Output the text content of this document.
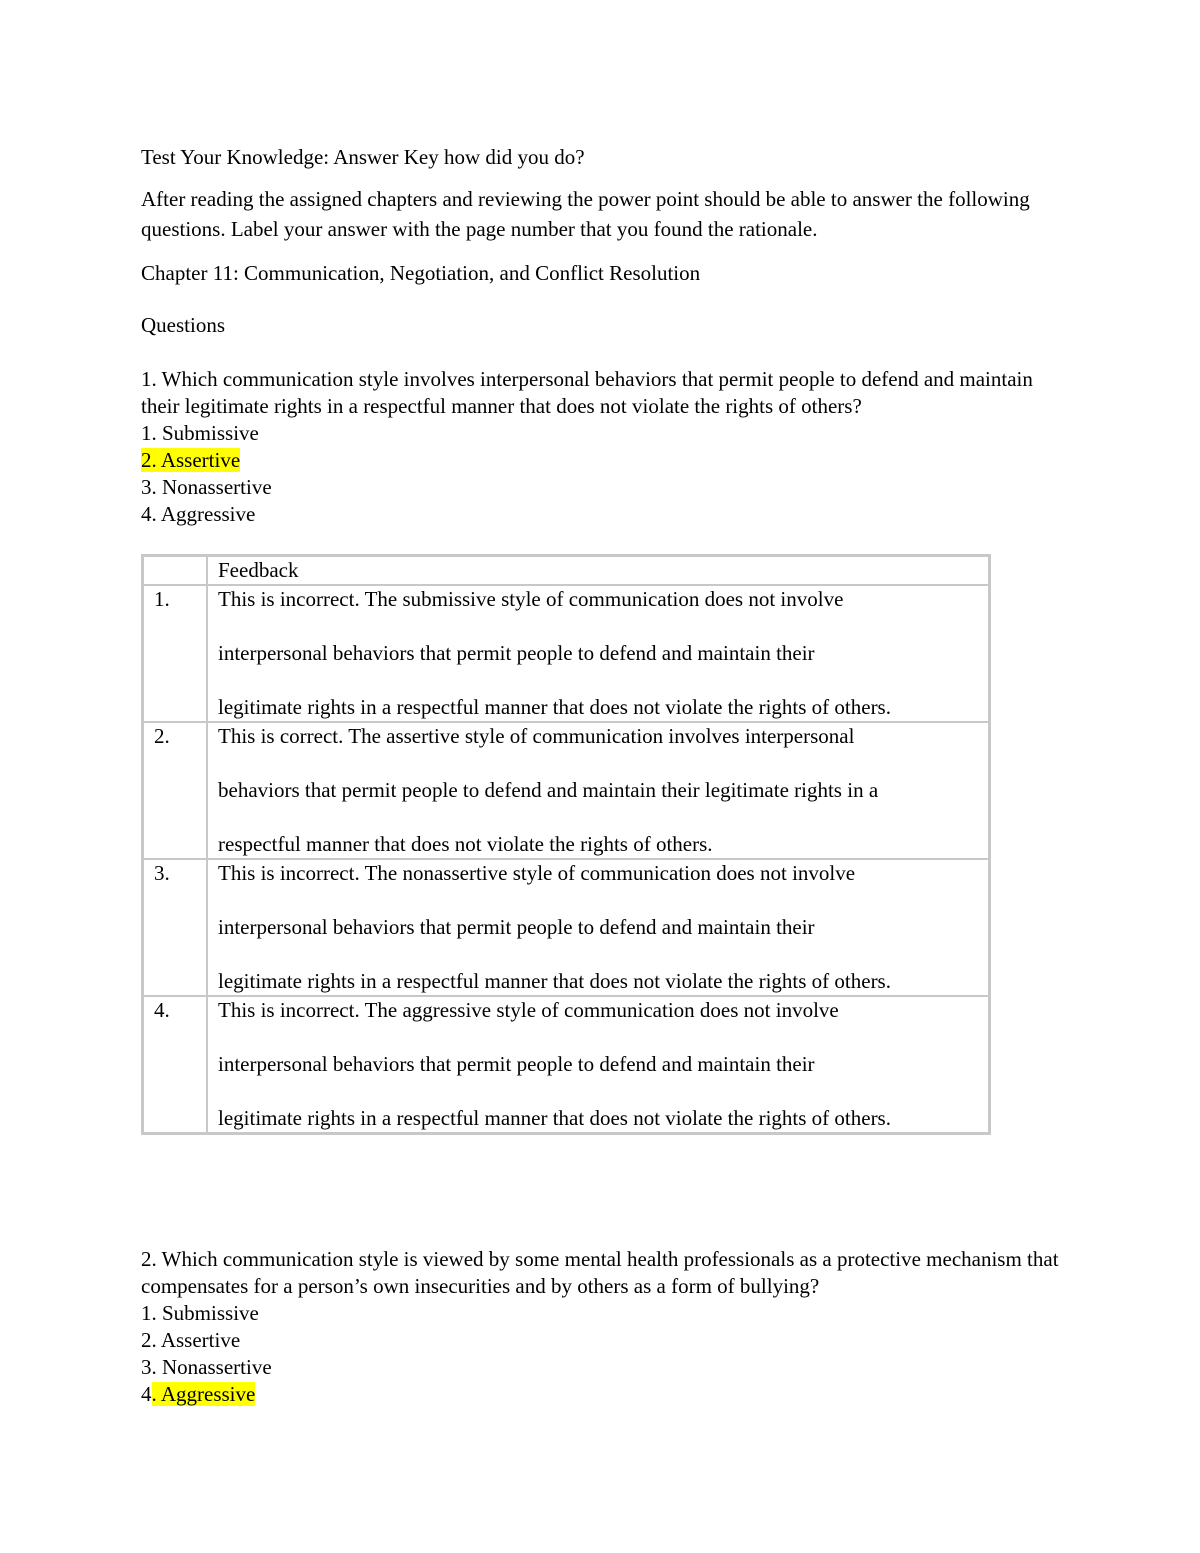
Test Your Knowledge: Answer Key how did you do?
After reading the assigned chapters and reviewing the power point should be able to answer the following questions. Label your answer with the page number that you found the rationale.
Chapter 11: Communication, Negotiation, and Conflict Resolution
Questions
1. Which communication style involves interpersonal behaviors that permit people to defend and maintain their legitimate rights in a respectful manner that does not violate the rights of others?
1. Submissive
2. Assertive
3. Nonassertive
4. Aggressive
	Feedback
1.	This is incorrect. The submissive style of communication does not involve
interpersonal behaviors that permit people to defend and maintain their
legitimate rights in a respectful manner that does not violate the rights of others.

2.	This is correct. The assertive style of communication involves interpersonal
behaviors that permit people to defend and maintain their legitimate rights in a
respectful manner that does not violate the rights of others.

3.	This is incorrect. The nonassertive style of communication does not involve
interpersonal behaviors that permit people to defend and maintain their
legitimate rights in a respectful manner that does not violate the rights of others.

4.	This is incorrect. The aggressive style of communication does not involve
interpersonal behaviors that permit people to defend and maintain their
legitimate rights in a respectful manner that does not violate the rights of others.
2. Which communication style is viewed by some mental health professionals as a protective mechanism that compensates for a person’s own insecurities and by others as a form of bullying?
1. Submissive
2. Assertive
3. Nonassertive
4. Aggressive
